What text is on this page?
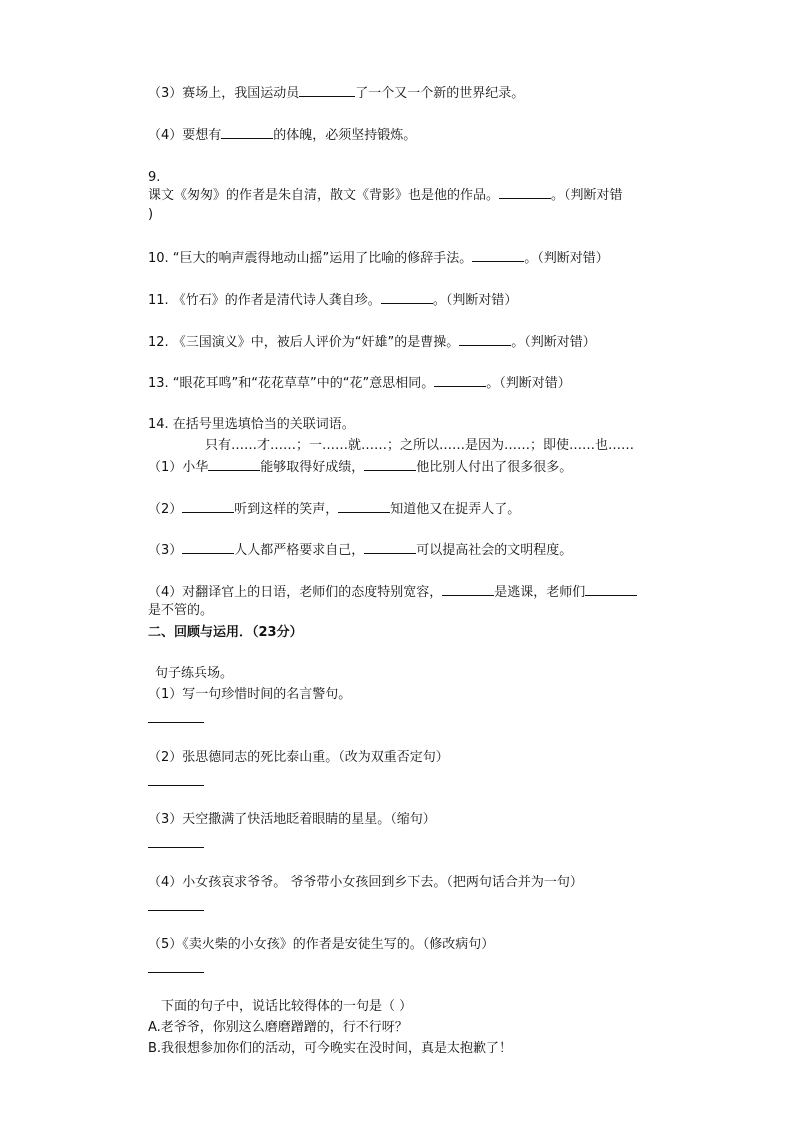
（3）赛场上，我国运动员	了一个又一个新的世界纪录。

（4）要想有	的体魄，必须坚持锻炼。

9.

课文《匆匆》的作者是朱自清，散文《背影》也是他的作品。	。（判断对错

)

10. “巨大的响声震得地动山摇”运用了比喻的修辞手法。	。（判断对错）

11. 《竹石》的作者是清代诗人龚自珍。	。（判断对错）

12. 《三国演义》中，被后人评价为“奸雄”的是曹操。	。（判断对错）

13. “眼花耳鸣”和“花花草草”中的“花”意思相同。	。（判断对错）

14. 在括号里选填恰当的关联词语。

只有……才……；一……就……；之所以……是因为……；即使……也……

（1）小华	能够取得好成绩，	他比别人付出了很多很多。

（2）	听到这样的笑声，	知道他又在捉弄人了。

（3）	人人都严格要求自己，	可以提高社会的文明程度。

（4）对翻译官上的日语，老师们的态度特别宽容，	是逃课，老师们

是不管的。

二、回顾与运用．（23分）

句子练兵场。

（1）写一句珍惜时间的名言警句。

（2）张思德同志的死比泰山重。（改为双重否定句）

（3）天空撒满了快活地眨着眼睛的星星。（缩句）

（4）小女孩哀求爷爷。 爷爷带小女孩回到乡下去。（把两句话合并为一句）

（5）《卖火柴的小女孩》的作者是安徒生写的。（修改病句）

下面的句子中，说话比较得体的一句是（ ）

A.老爷爷，你别这么磨磨蹭蹭的，行不行呀？

B.我很想参加你们的活动，可今晚实在没时间，真是太抱歉了！
